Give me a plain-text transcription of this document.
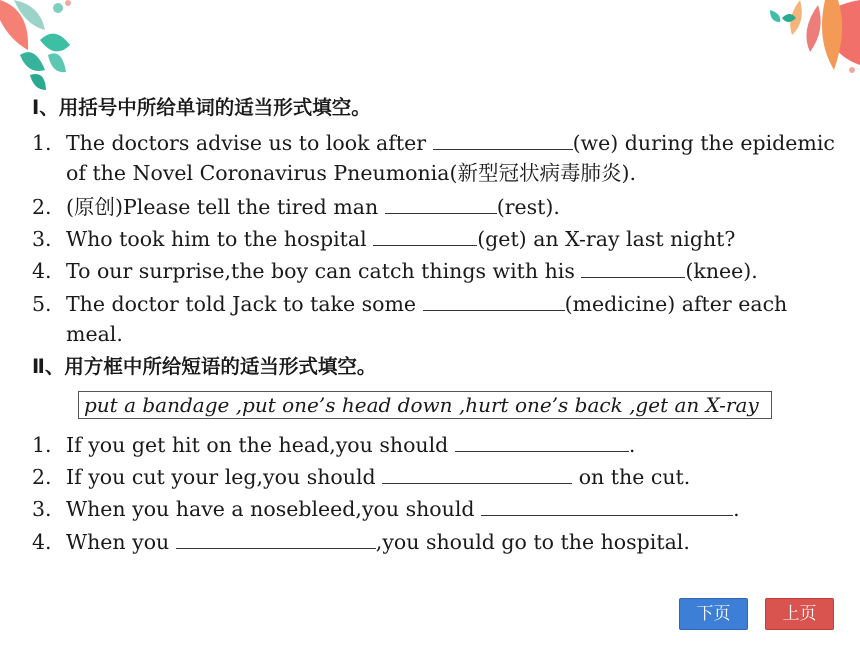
Ⅰ、用括号中所给单词的适当形式填空。
1. The doctors advise us to look after	(we) during the epidemic
of the Novel Coronavirus Pneumonia(新型冠状病毒肺炎).
2. (原创)Please tell the tired man	(rest).
3. Who took him to the hospital	(get) an X-ray last night?
4. To our surprise,the boy can catch things with his	(knee).
5. The doctor told Jack to take some	(medicine) after each
meal.
Ⅱ、用方框中所给短语的适当形式填空。
put a bandage ,put one’s head down ,hurt one’s back ,get an X-ray
1. If you get hit on the head,you should	.
2. If you cut your leg,you should	on the cut.
3. When you have a nosebleed,you should	.
4. When you	,you should go to the hospital.
下页	上页
